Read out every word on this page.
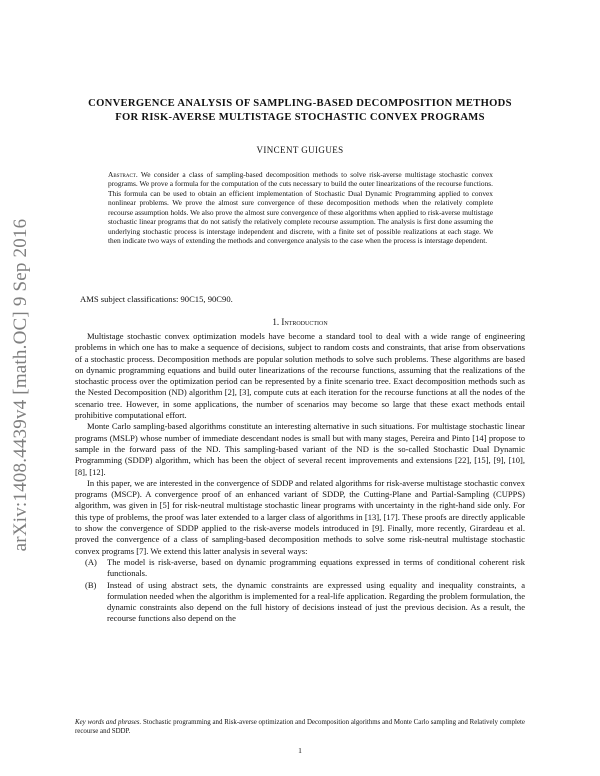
arXiv:1408.4439v4 [math.OC] 9 Sep 2016
CONVERGENCE ANALYSIS OF SAMPLING-BASED DECOMPOSITION METHODS
FOR RISK-AVERSE MULTISTAGE STOCHASTIC CONVEX PROGRAMS
VINCENT GUIGUES
Abstract. We consider a class of sampling-based decomposition methods to solve risk-averse multistage stochastic convex programs. We prove a formula for the computation of the cuts necessary to build the outer linearizations of the recourse functions. This formula can be used to obtain an efficient implementation of Stochastic Dual Dynamic Programming applied to convex nonlinear problems. We prove the almost sure convergence of these decomposition methods when the relatively complete recourse assumption holds. We also prove the almost sure convergence of these algorithms when applied to risk-averse multistage stochastic linear programs that do not satisfy the relatively complete recourse assumption. The analysis is first done assuming the underlying stochastic process is interstage independent and discrete, with a finite set of possible realizations at each stage. We then indicate two ways of extending the methods and convergence analysis to the case when the process is interstage dependent.
AMS subject classifications: 90C15, 90C90.
1. Introduction

Multistage stochastic convex optimization models have become a standard tool to deal with a wide range of engineering problems in which one has to make a sequence of decisions, subject to random costs and constraints, that arise from observations of a stochastic process. Decomposition methods are popular solution methods to solve such problems. These algorithms are based on dynamic programming equations and build outer linearizations of the recourse functions, assuming that the realizations of the stochastic process over the optimization period can be represented by a finite scenario tree. Exact decomposition methods such as the Nested Decomposition (ND) algorithm [2], [3], compute cuts at each iteration for the recourse functions at all the nodes of the scenario tree. However, in some applications, the number of scenarios may become so large that these exact methods entail prohibitive computational effort.

Monte Carlo sampling-based algorithms constitute an interesting alternative in such situations. For multistage stochastic linear programs (MSLP) whose number of immediate descendant nodes is small but with many stages, Pereira and Pinto [14] propose to sample in the forward pass of the ND. This sampling-based variant of the ND is the so-called Stochastic Dual Dynamic Programming (SDDP) algorithm, which has been the object of several recent improvements and extensions [22], [15], [9], [10], [8], [12].

In this paper, we are interested in the convergence of SDDP and related algorithms for risk-averse multistage stochastic convex programs (MSCP). A convergence proof of an enhanced variant of SDDP, the Cutting-Plane and Partial-Sampling (CUPPS) algorithm, was given in [5] for risk-neutral multistage stochastic linear programs with uncertainty in the right-hand side only. For this type of problems, the proof was later extended to a larger class of algorithms in [13], [17]. These proofs are directly applicable to show the convergence of SDDP applied to the risk-averse models introduced in [9]. Finally, more recently, Girardeau et al. proved the convergence of a class of sampling-based decomposition methods to solve some risk-neutral multistage stochastic convex programs [7]. We extend this latter analysis in several ways:

(A)	The model is risk-averse, based on dynamic programming equations expressed in terms of conditional coherent risk functionals.
(B)	Instead of using abstract sets, the dynamic constraints are expressed using equality and inequality constraints, a formulation needed when the algorithm is implemented for a real-life application. Regarding the problem formulation, the dynamic constraints also depend on the full history of decisions instead of just the previous decision. As a result, the recourse functions also depend on the
Key words and phrases. Stochastic programming and Risk-averse optimization and Decomposition algorithms and Monte Carlo sampling and Relatively complete recourse and SDDP.
1
